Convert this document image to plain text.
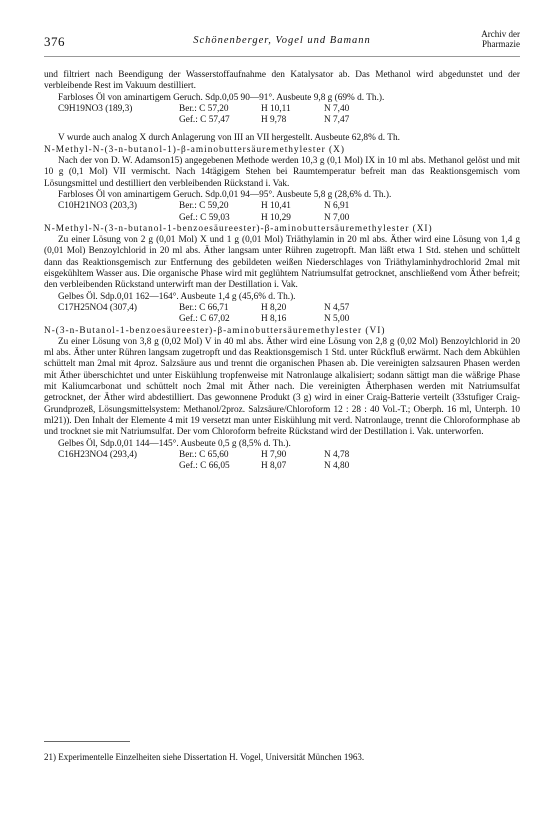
376	Schönenberger, Vogel und Bamann
Archiv der
Pharmazie

und filtriert nach Beendigung der Wasserstoffaufnahme den Katalysator ab. Das Methanol wird abgedunstet und der verbleibende Rest im Vakuum destilliert.

Farbloses Öl von aminartigem Geruch. Sdp.0,05 90—91°. Ausbeute 9,8 g (69% d. Th.).

C9H19NO3 (189,3)	Ber.: C 57,20	H 10,11	N 7,40
	Gef.: C 57,47	H 9,78	N 7,47

V wurde auch analog X durch Anlagerung von III an VII hergestellt. Ausbeute 62,8% d. Th.

N-Methyl-N-(3-n-butanol-1)-β-aminobuttersäuremethylester (X)

Nach der von D. W. Adamson15) angegebenen Methode werden 10,3 g (0,1 Mol) IX in 10 ml abs. Methanol gelöst und mit 10 g (0,1 Mol) VII vermischt. Nach 14tägigem Stehen bei Raumtemperatur befreit man das Reaktionsgemisch vom Lösungsmittel und destilliert den verbleibenden Rückstand i. Vak.

Farbloses Öl von aminartigem Geruch. Sdp.0,01 94—95°. Ausbeute 5,8 g (28,6% d. Th.).

C10H21NO3 (203,3)	Ber.: C 59,20	H 10,41	N 6,91
	Gef.: C 59,03	H 10,29	N 7,00

N-Methyl-N-(3-n-butanol-1-benzoesäureester)-β-aminobuttersäuremethylester (XI)

Zu einer Lösung von 2 g (0,01 Mol) X und 1 g (0,01 Mol) Triäthylamin in 20 ml abs. Äther wird eine Lösung von 1,4 g (0,01 Mol) Benzoylchlorid in 20 ml abs. Äther langsam unter Rühren zugetropft. Man läßt etwa 1 Std. stehen und schüttelt dann das Reaktionsgemisch zur Entfernung des gebildeten weißen Niederschlages von Triäthylaminhydrochlorid 2mal mit eisgekühltem Wasser aus. Die organische Phase wird mit geglühtem Natriumsulfat getrocknet, anschließend vom Äther befreit; den verbleibenden Rückstand unterwirft man der Destillation i. Vak.

Gelbes Öl. Sdp.0,01 162—164°. Ausbeute 1,4 g (45,6% d. Th.).

C17H25NO4 (307,4)	Ber.: C 66,71	H 8,20	N 4,57
	Gef.: C 67,02	H 8,16	N 5,00

N-(3-n-Butanol-1-benzoesäureester)-β-aminobuttersäuremethylester (VI)

Zu einer Lösung von 3,8 g (0,02 Mol) V in 40 ml abs. Äther wird eine Lösung von 2,8 g (0,02 Mol) Benzoylchlorid in 20 ml abs. Äther unter Rühren langsam zugetropft und das Reaktionsgemisch 1 Std. unter Rückfluß erwärmt. Nach dem Abkühlen schüttelt man 2mal mit 4proz. Salzsäure aus und trennt die organischen Phasen ab. Die vereinigten salzsauren Phasen werden mit Äther überschichtet und unter Eiskühlung tropfenweise mit Natronlauge alkalisiert; sodann sättigt man die wäßrige Phase mit Kaliumcarbonat und schüttelt noch 2mal mit Äther nach. Die vereinigten Ätherphasen werden mit Natriumsulfat getrocknet, der Äther wird abdestilliert. Das gewonnene Produkt (3 g) wird in einer Craig-Batterie verteilt (33stufiger Craig-Grundprozeß, Lösungsmittelsystem: Methanol/2proz. Salzsäure/Chloroform 12 : 28 : 40 Vol.-T.; Oberph. 16 ml, Unterph. 10 ml21)). Den Inhalt der Elemente 4 mit 19 versetzt man unter Eiskühlung mit verd. Natronlauge, trennt die Chloroformphase ab und trocknet sie mit Natriumsulfat. Der vom Chloroform befreite Rückstand wird der Destillation i. Vak. unterworfen.

Gelbes Öl, Sdp.0,01 144—145°. Ausbeute 0,5 g (8,5% d. Th.).

C16H23NO4 (293,4)	Ber.: C 65,60	H 7,90	N 4,78
	Gef.: C 66,05	H 8,07	N 4,80
21) Experimentelle Einzelheiten siehe Dissertation H. Vogel, Universität München 1963.
